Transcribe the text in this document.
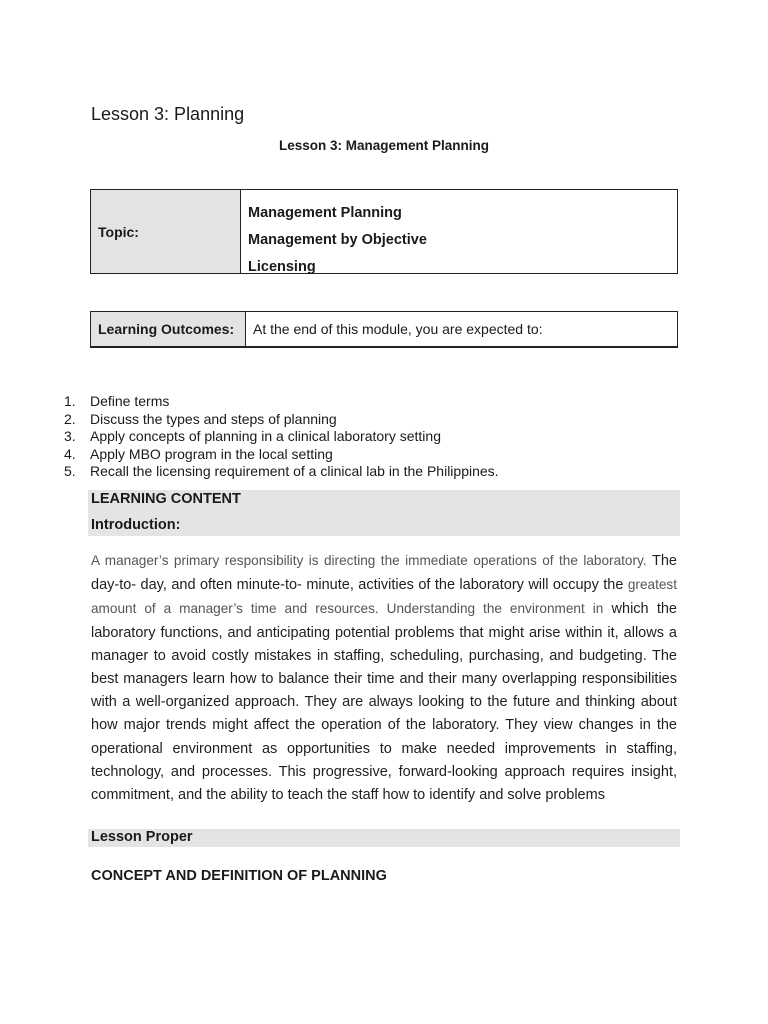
Lesson 3: Planning
Lesson 3: Management Planning
Topic:
Management Planning
Management by Objective
Licensing
Learning Outcomes:	At the end of this module, you are expected to:
1.	Define terms
2.	Discuss the types and steps of planning
3.	Apply concepts of planning in a clinical laboratory setting
4.	Apply MBO program in the local setting
5.	Recall the licensing requirement of a clinical lab in the Philippines.
LEARNING CONTENT
Introduction:

A manager’s primary responsibility is directing the immediate operations of the laboratory. The day-to- day, and often minute-to- minute, activities of the laboratory will occupy the greatest amount of a manager’s time and resources. Understanding the environment in which the laboratory functions, and anticipating potential problems that might arise within it, allows a manager to avoid costly mistakes in staffing, scheduling, purchasing, and budgeting. The best managers learn how to balance their time and their many overlapping responsibilities with a well-organized approach. They are always looking to the future and thinking about how major trends might affect the operation of the laboratory. They view changes in the operational environment as opportunities to make needed improvements in staffing, technology, and processes. This progressive, forward-looking approach requires insight, commitment, and the ability to teach the staff how to identify and solve problems

Lesson Proper
CONCEPT AND DEFINITION OF PLANNING
